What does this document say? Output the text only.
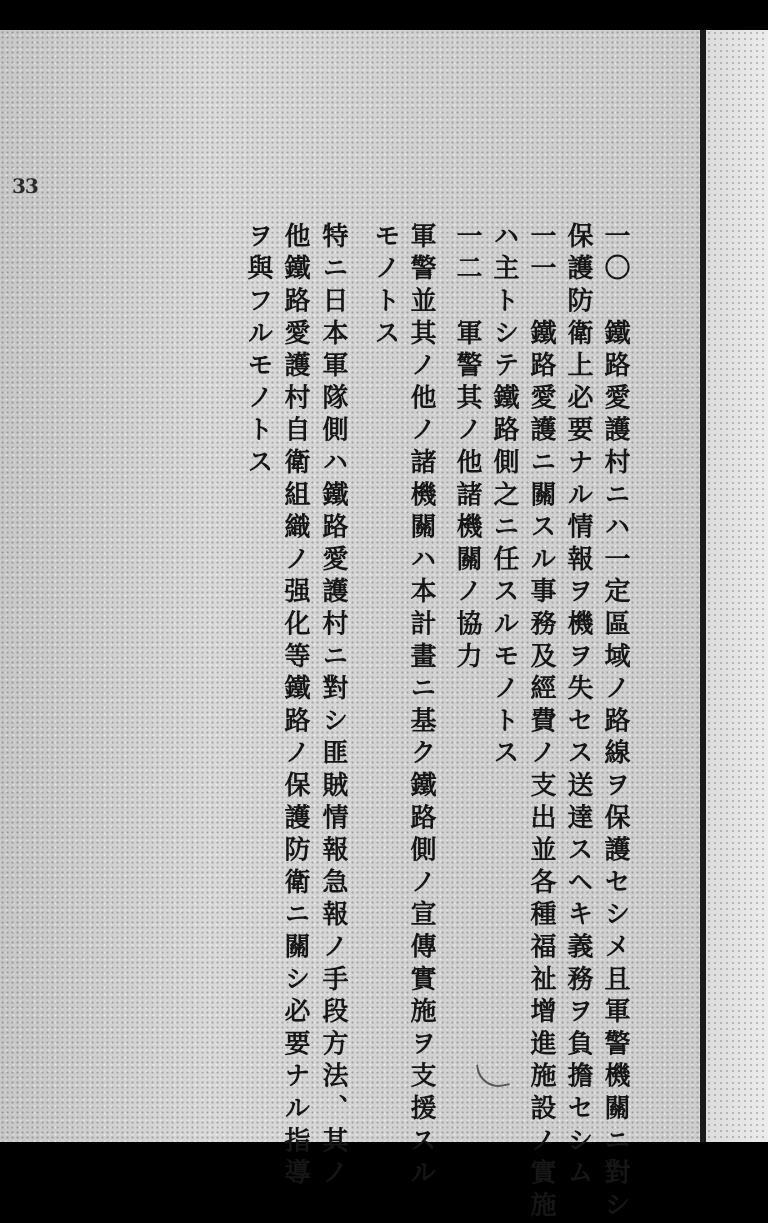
33
一〇　鐵路愛護村ニハ一定區域ノ路線ヲ保護セシメ且軍警機關ニ對シ
保護防衛上必要ナル情報ヲ機ヲ失セス送達スヘキ義務ヲ負擔セシム
一一　鐵路愛護ニ關スル事務及經費ノ支出並各種福祉增進施設ノ實施
ハ主トシテ鐵路側之ニ任スルモノトス
一二　軍警其ノ他諸機關ノ協力
軍警並其ノ他ノ諸機關ハ本計畫ニ基ク鐵路側ノ宣傳實施ヲ支援スル
モノトス
特ニ日本軍隊側ハ鐵路愛護村ニ對シ匪賊情報急報ノ手段方法、其ノ
他鐵路愛護村自衛組織ノ强化等鐵路ノ保護防衛ニ關シ必要ナル指導
ヲ與フルモノトス
